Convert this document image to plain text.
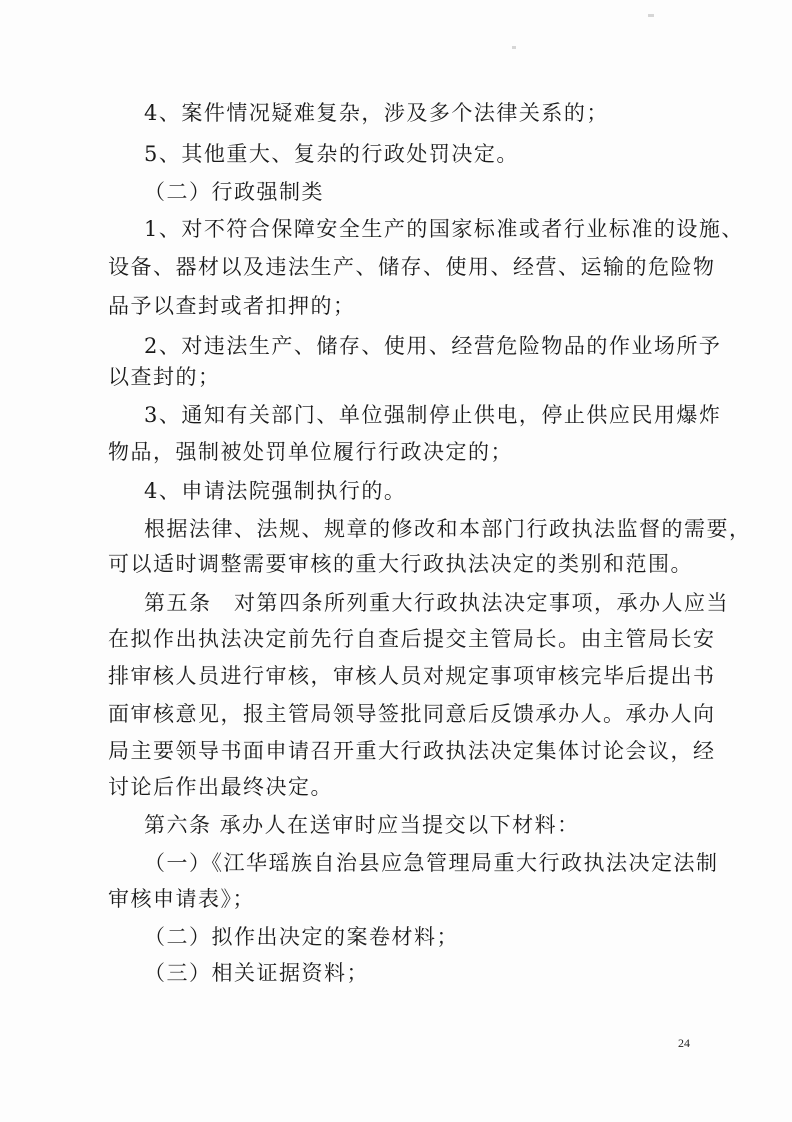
4、案件情况疑难复杂，涉及多个法律关系的；
5、其他重大、复杂的行政处罚决定。
（二）行政强制类
1、对不符合保障安全生产的国家标准或者行业标准的设施、
设备、器材以及违法生产、储存、使用、经营、运输的危险物
品予以查封或者扣押的；
2、对违法生产、储存、使用、经营危险物品的作业场所予
以查封的；
3、通知有关部门、单位强制停止供电，停止供应民用爆炸
物品，强制被处罚单位履行行政决定的；
4、申请法院强制执行的。
根据法律、法规、规章的修改和本部门行政执法监督的需要，
可以适时调整需要审核的重大行政执法决定的类别和范围。
第五条　对第四条所列重大行政执法决定事项，承办人应当
在拟作出执法决定前先行自查后提交主管局长。由主管局长安
排审核人员进行审核，审核人员对规定事项审核完毕后提出书
面审核意见，报主管局领导签批同意后反馈承办人。承办人向
局主要领导书面申请召开重大行政执法决定集体讨论会议，经
讨论后作出最终决定。
第六条 承办人在送审时应当提交以下材料：
（一）《江华瑶族自治县应急管理局重大行政执法决定法制
审核申请表》；
（二）拟作出决定的案卷材料；
（三）相关证据资料；
24
